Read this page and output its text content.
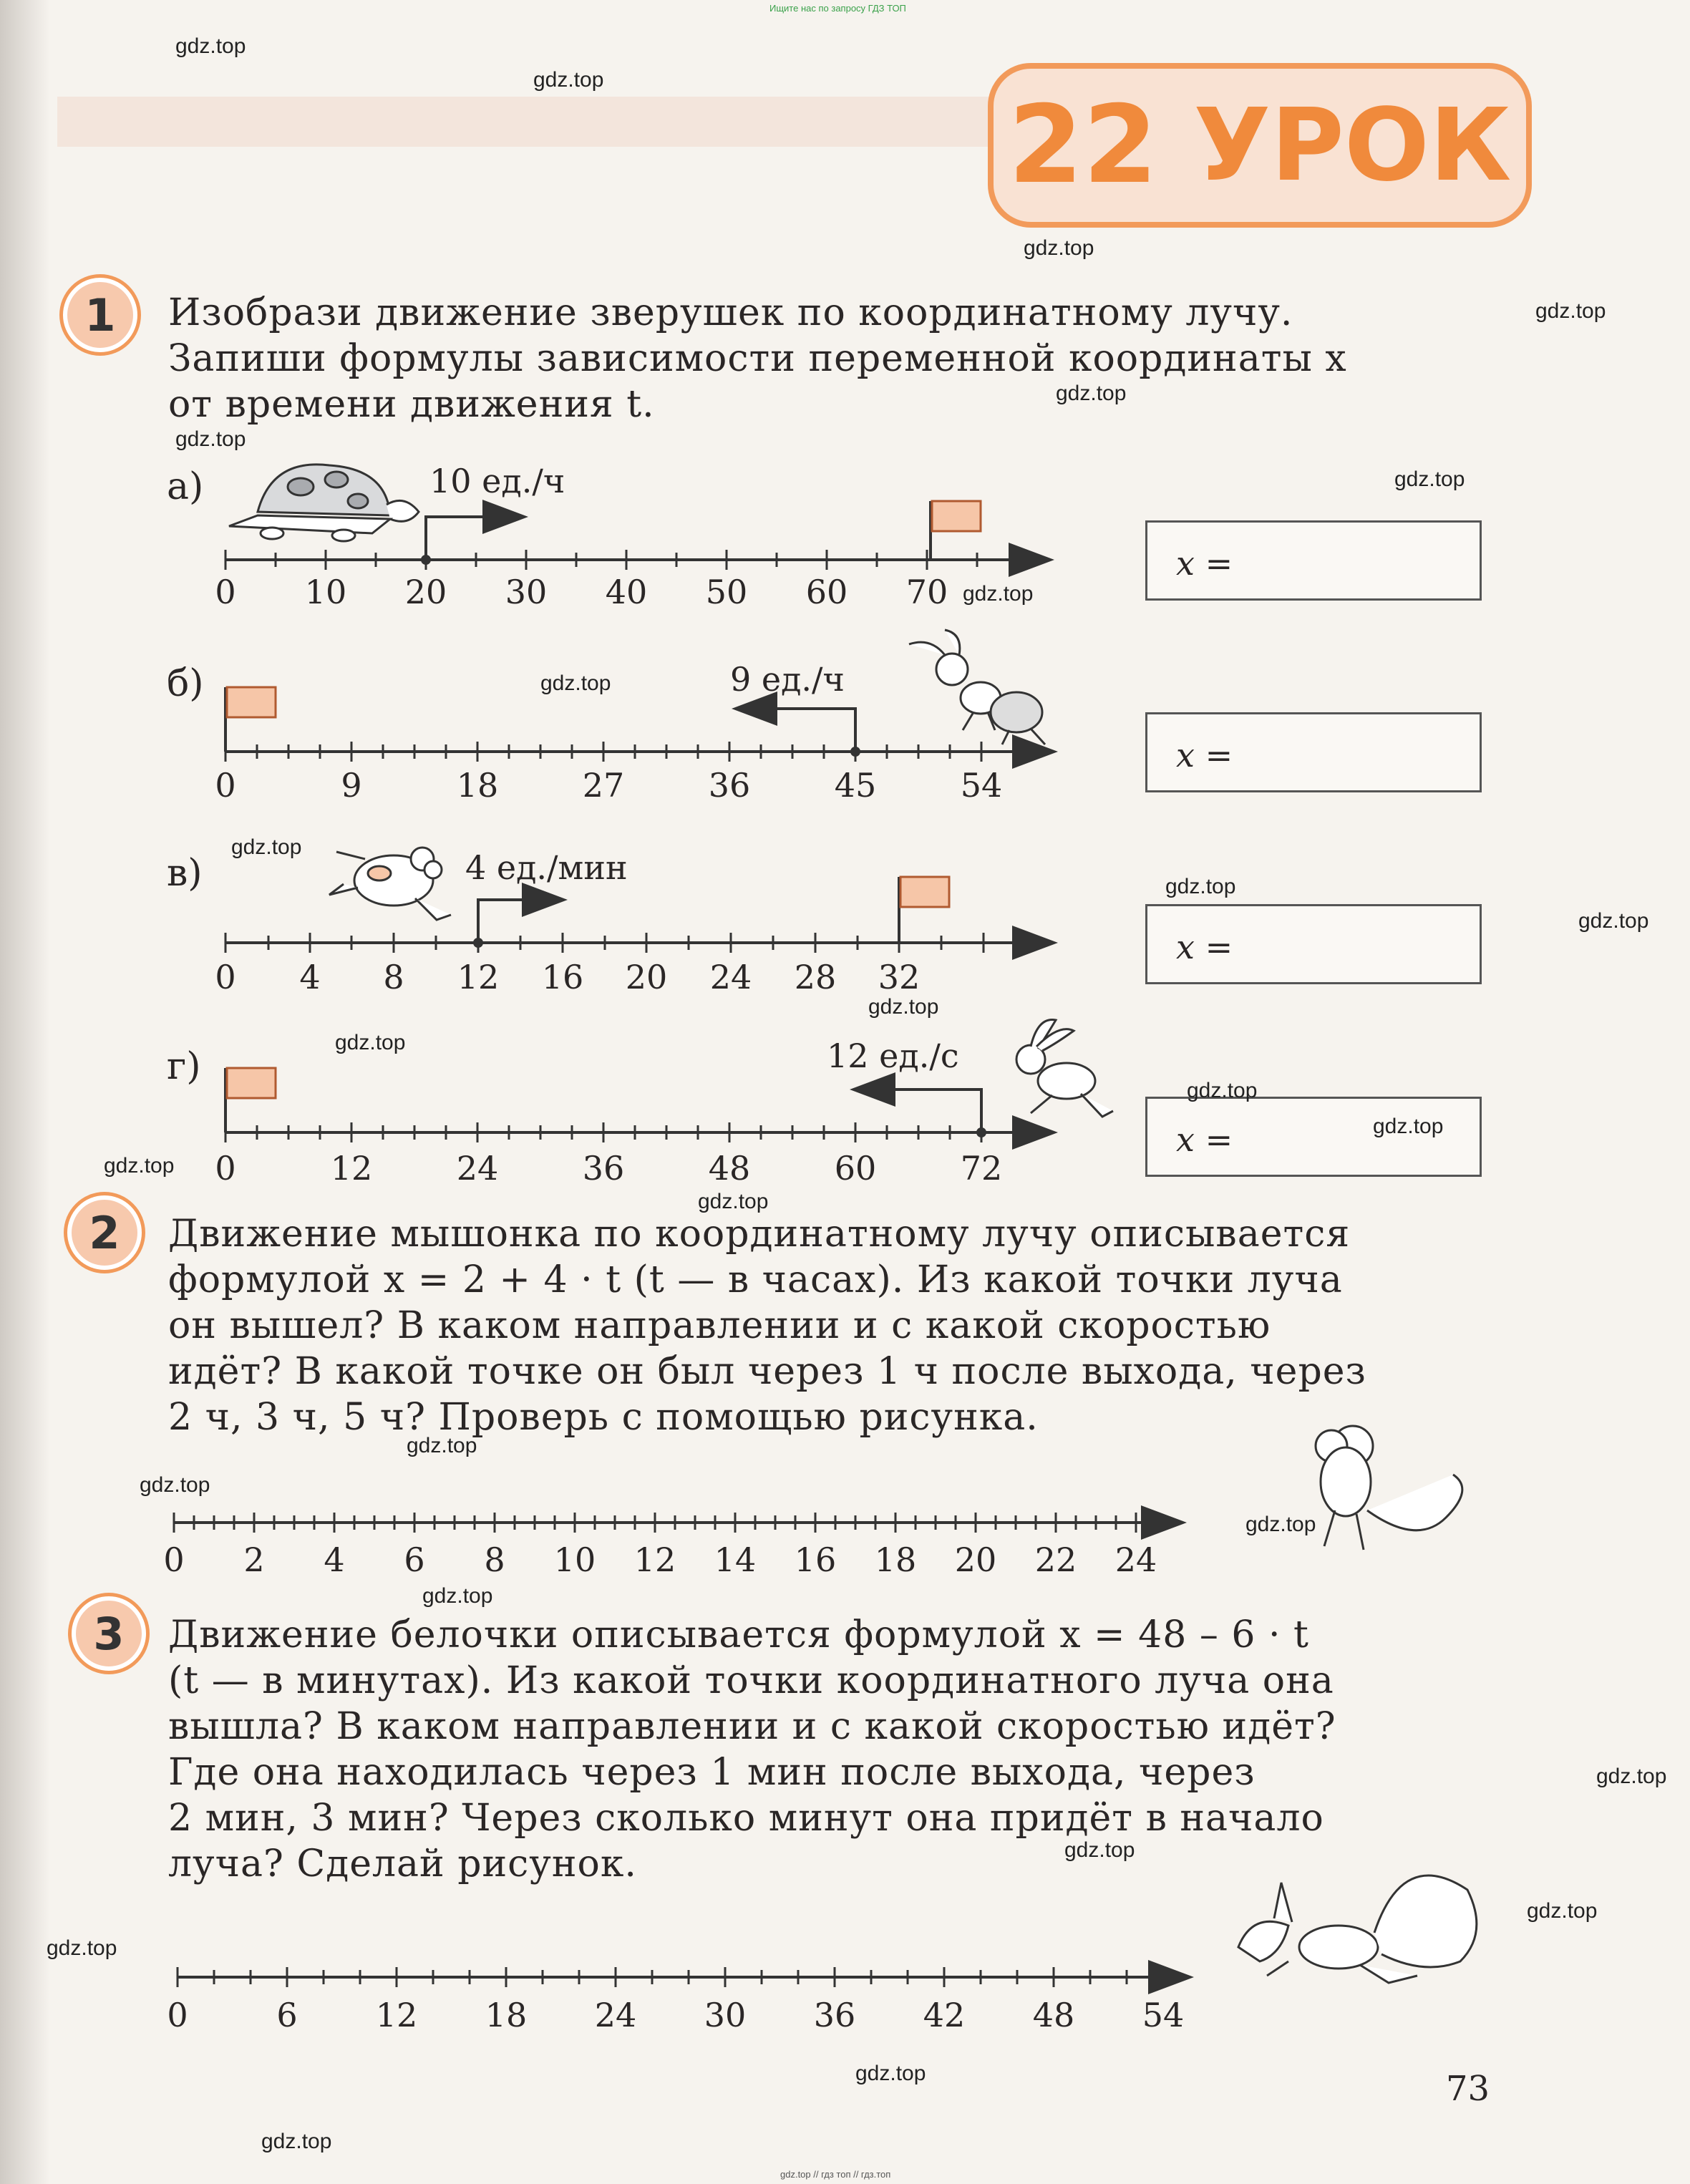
Ищите нас по запросу ГДЗ ТОП
gdz.top // гдз топ // гдз.топ
22 УРОК
1	Изобрази движение зверушек по координатному лучу.
Запиши формулы зависимости переменной координаты x
от времени движения t.
а)	10 ед./ч
x =
б)	9 ед./ч
x =
в)	4 ед./мин
x =
г)	12 ед./с
x =
2	Движение мышонка по координатному лучу описывается
формулой x = 2 + 4 · t (t — в часах). Из какой точки луча
он вышел? В каком направлении и с какой скоростью
идёт? В какой точке он был через 1 ч после выхода, через
2 ч, 3 ч, 5 ч? Проверь с помощью рисунка.
3	Движение белочки описывается формулой x = 48 – 6 · t
(t — в минутах). Из какой точки координатного луча она
вышла? В каком направлении и с какой скоростью идёт?
Где она находилась через 1 мин после выхода, через
2 мин, 3 мин? Через сколько минут она придёт в начало
луча? Сделай рисунок.
73
0 10 20 30 40 50 60 70
0	9	18	27	36	45	54
0 4 8 12 16 20 24 28 32
0	12	24	36	48	60	72
0 2 4 6 8 10 12 14 16 18 20 22 24
0	6 12 18 24 30 36 42 48 54
gdz.top
gdz.top
gdz.top
gdz.top
gdz.top
gdz.top
gdz.top
gdz.top
gdz.top
gdz.top
gdz.top
gdz.top
gdz.top
gdz.top
gdz.top
gdz.top
gdz.top
gdz.top
gdz.top
gdz.top
gdz.top
gdz.top
gdz.top
gdz.top
gdz.top
gdz.top
gdz.top
gdz.top
